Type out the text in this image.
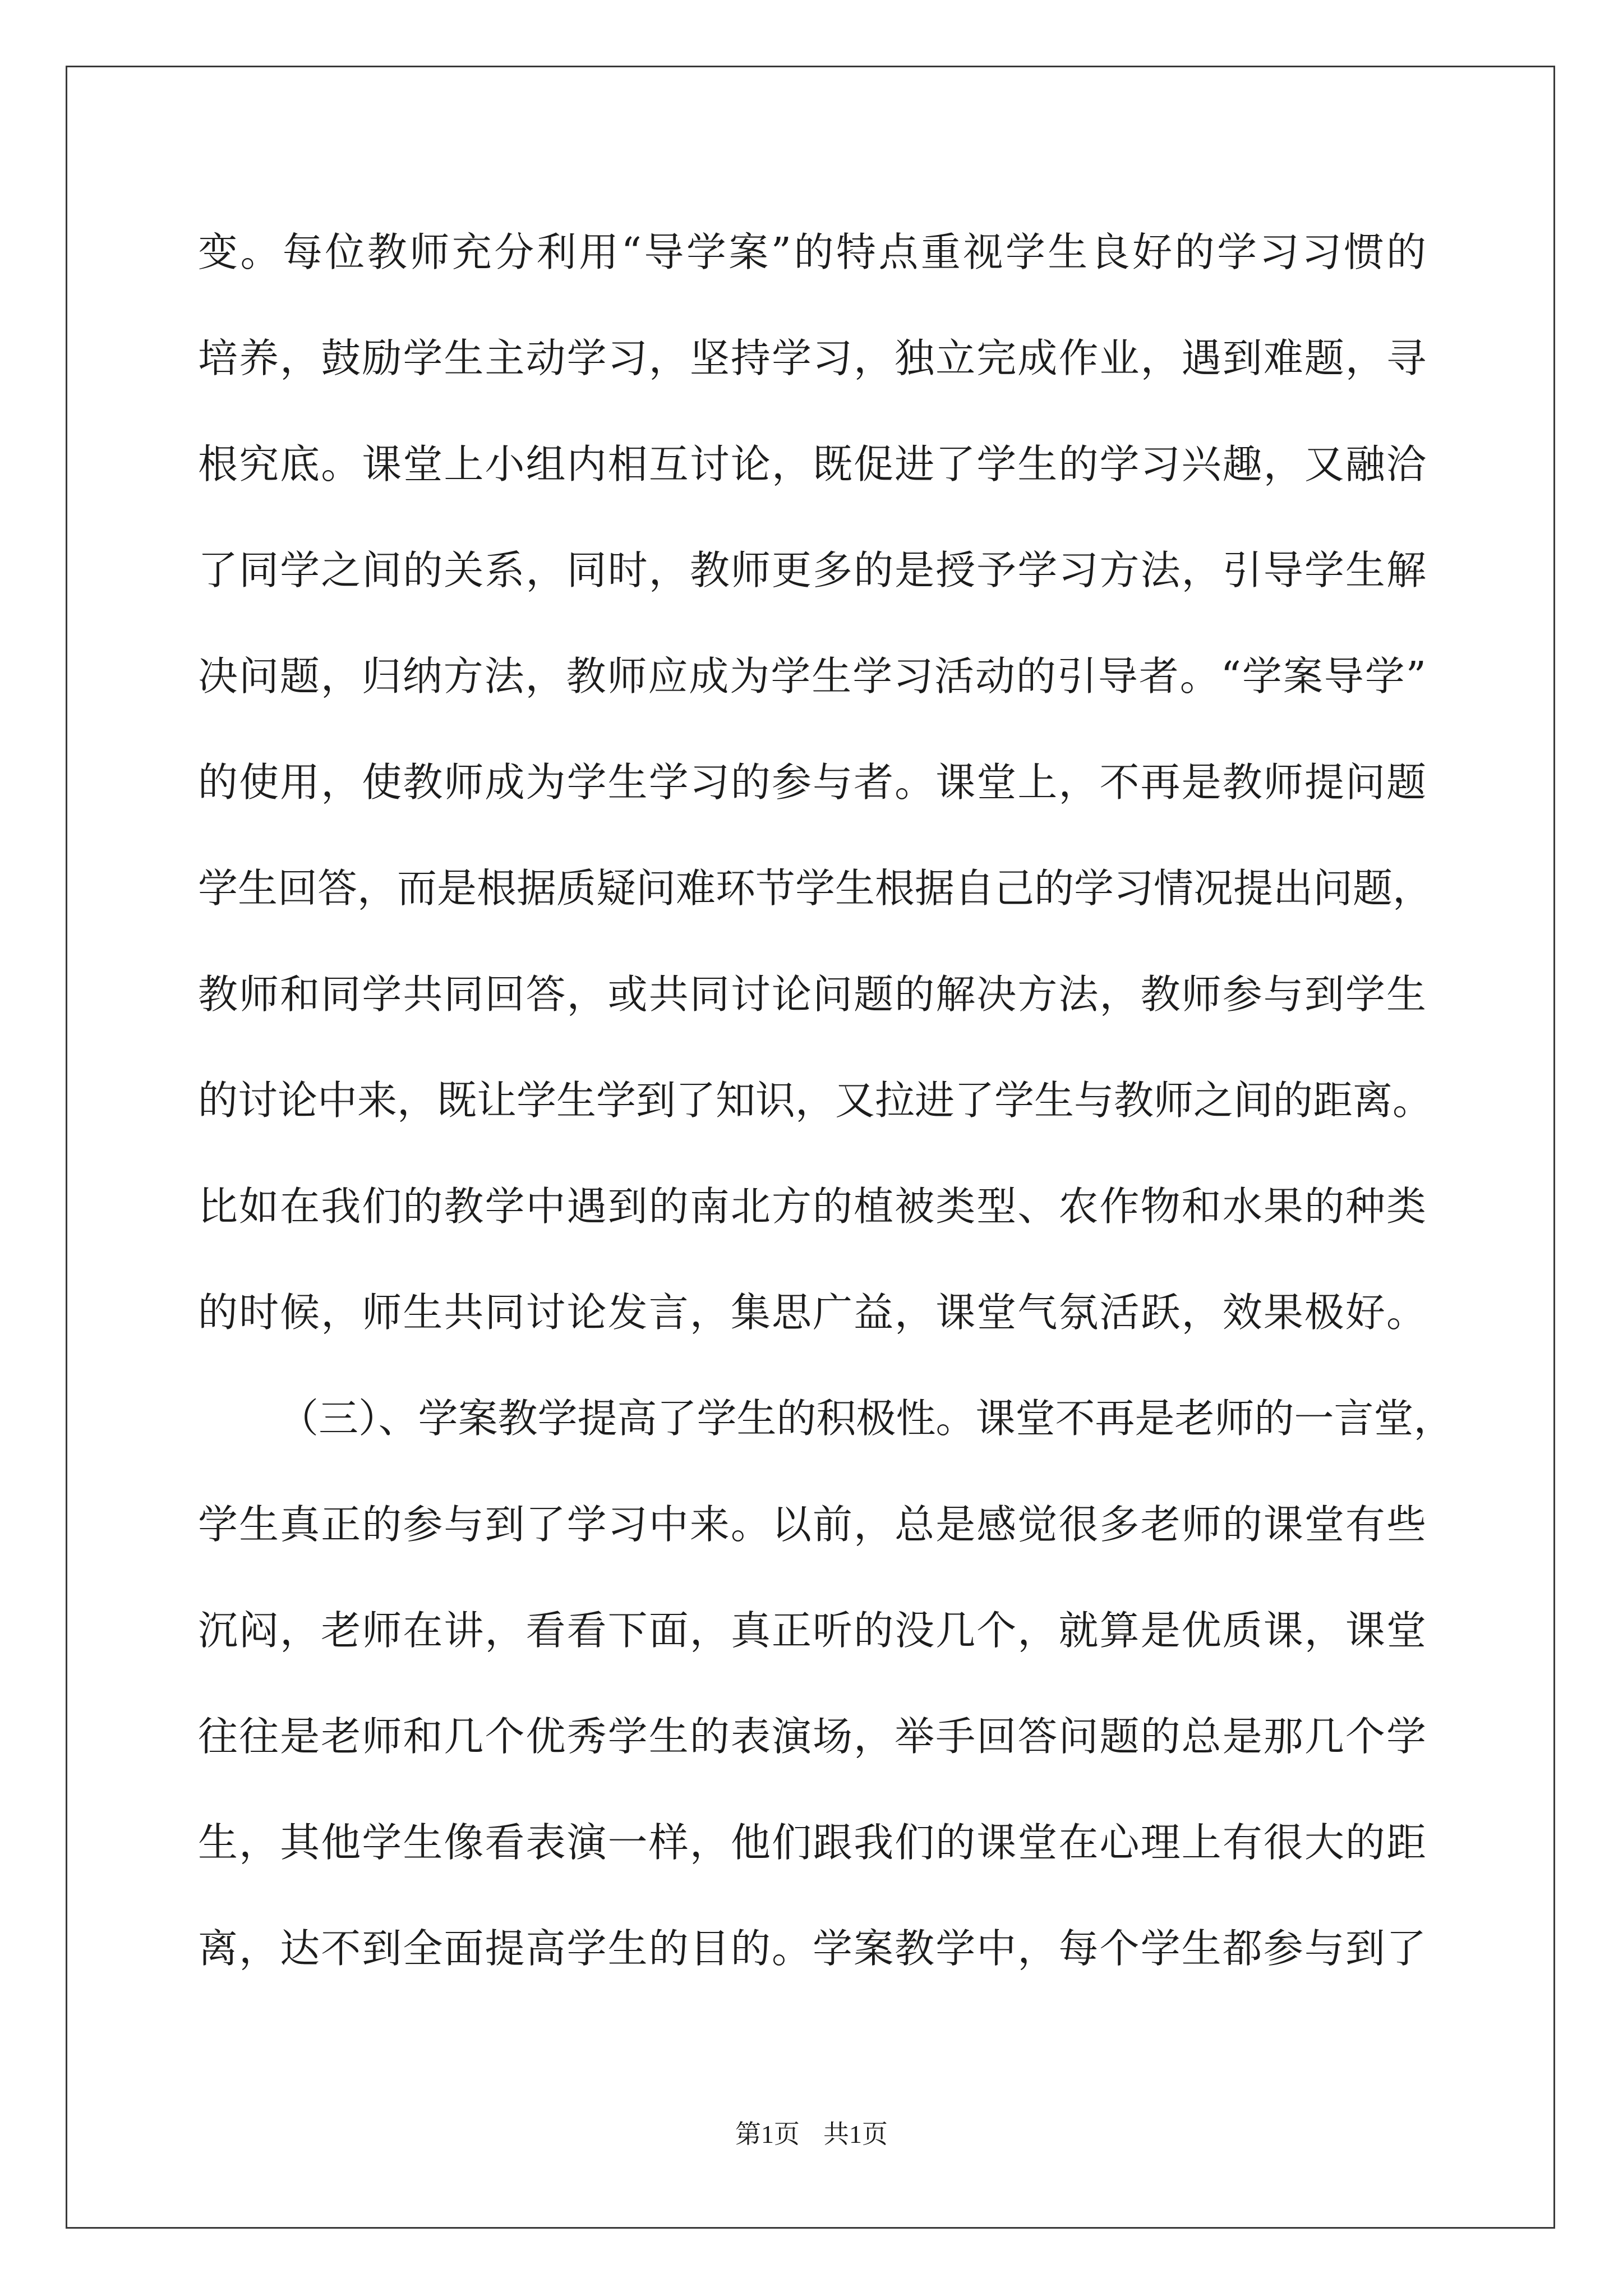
变。每位教师充分利用“导学案”的特点重视学生良好的学习习惯的
培养，鼓励学生主动学习，坚持学习，独立完成作业，遇到难题，寻
根究底。课堂上小组内相互讨论，既促进了学生的学习兴趣，又融洽
了同学之间的关系，同时，教师更多的是授予学习方法，引导学生解
决问题，归纳方法，教师应成为学生学习活动的引导者。“学案导学”
的使用，使教师成为学生学习的参与者。课堂上，不再是教师提问题
学生回答，而是根据质疑问难环节学生根据自己的学习情况提出问题，
教师和同学共同回答，或共同讨论问题的解决方法，教师参与到学生
的讨论中来，既让学生学到了知识，又拉进了学生与教师之间的距离。
比如在我们的教学中遇到的南北方的植被类型、农作物和水果的种类
的时候，师生共同讨论发言，集思广益，课堂气氛活跃，效果极好。
（三）、学案教学提高了学生的积极性。课堂不再是老师的一言堂，
学生真正的参与到了学习中来。以前，总是感觉很多老师的课堂有些
沉闷，老师在讲，看看下面，真正听的没几个，就算是优质课，课堂
往往是老师和几个优秀学生的表演场，举手回答问题的总是那几个学
生，其他学生像看表演一样，他们跟我们的课堂在心理上有很大的距
离，达不到全面提高学生的目的。学案教学中，每个学生都参与到了
第1页 共1页
